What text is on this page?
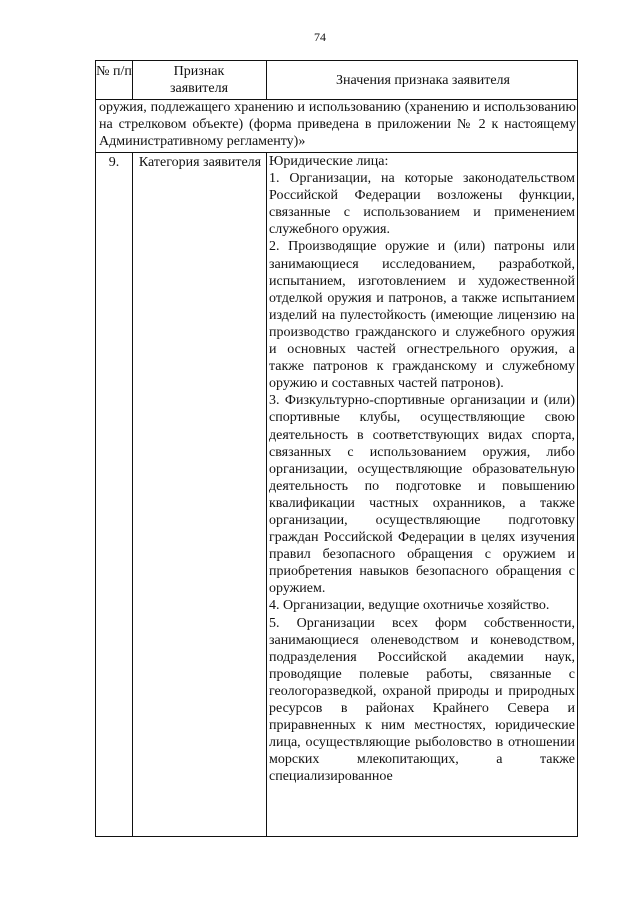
74
№ п/п	Признак заявителя
Значения признака заявителя
оружия, подлежащего хранению и использованию (хранению и использованию на стрелковом объекте) (форма приведена в приложении № 2 к настоящему Административному регламенту)»
9.	Категория заявителя Юридические лица:

1. Организации, на которые законодательством Российской Федерации возложены функции, связанные с использованием и применением служебного оружия.

2. Производящие оружие и (или) патроны или занимающиеся исследованием, разработкой, испытанием, изготовлением и художественной отделкой оружия и патронов, а также испытанием изделий на пулестойкость (имеющие лицензию на производство гражданского и служебного оружия и основных частей огнестрельного оружия, а также патронов к гражданскому и служебному оружию и составных частей патронов).

3. Физкультурно-спортивные организации и (или) спортивные клубы, осуществляющие свою деятельность в соответствующих видах спорта, связанных с использованием оружия, либо организации, осуществляющие образовательную деятельность по подготовке и повышению квалификации частных охранников, а также организации, осуществляющие подготовку граждан Российской Федерации в целях изучения правил безопасного обращения с оружием и приобретения навыков безопасного обращения с оружием.

4. Организации, ведущие охотничье хозяйство.

5. Организации всех форм собственности, занимающиеся оленеводством и коневодством, подразделения Российской академии наук, проводящие полевые работы, связанные с геологоразведкой, охраной природы и природных ресурсов в районах Крайнего Севера и приравненных к ним местностях, юридические лица, осуществляющие рыболовство в отношении морских млекопитающих, а также специализированное
